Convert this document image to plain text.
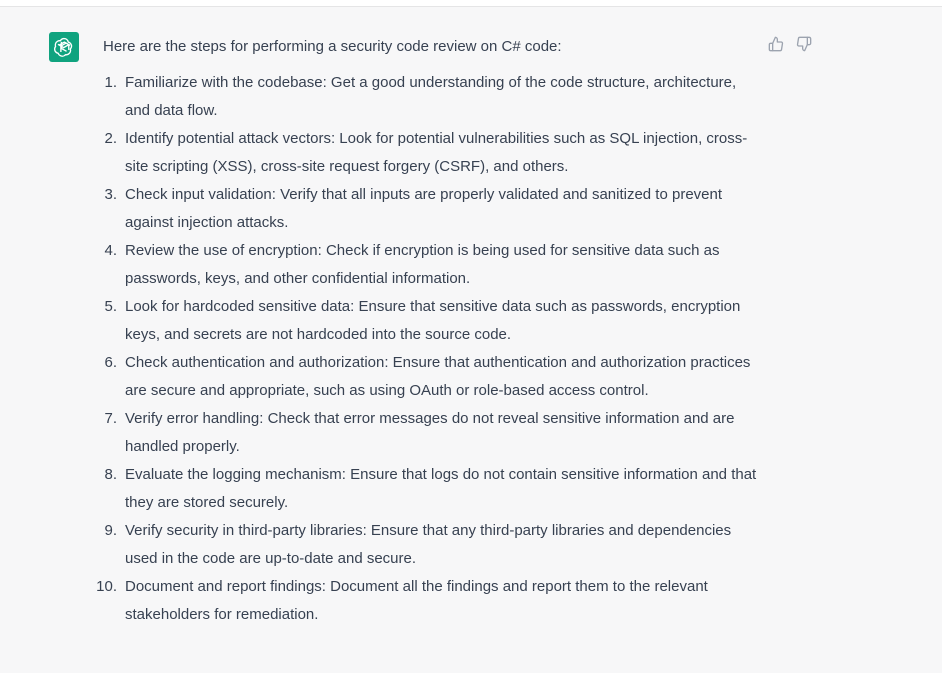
Here are the steps for performing a security code review on C# code:

1. Familiarize with the codebase: Get a good understanding of the code structure, architecture, and data flow.
2. Identify potential attack vectors: Look for potential vulnerabilities such as SQL injection, cross-site scripting (XSS), cross-site request forgery (CSRF), and others.
3. Check input validation: Verify that all inputs are properly validated and sanitized to prevent against injection attacks.
4. Review the use of encryption: Check if encryption is being used for sensitive data such as passwords, keys, and other confidential information.
5. Look for hardcoded sensitive data: Ensure that sensitive data such as passwords, encryption keys, and secrets are not hardcoded into the source code.
6. Check authentication and authorization: Ensure that authentication and authorization practices are secure and appropriate, such as using OAuth or role-based access control.
7. Verify error handling: Check that error messages do not reveal sensitive information and are handled properly.
8. Evaluate the logging mechanism: Ensure that logs do not contain sensitive information and that they are stored securely.
9. Verify security in third-party libraries: Ensure that any third-party libraries and dependencies used in the code are up-to-date and secure.
10. Document and report findings: Document all the findings and report them to the relevant stakeholders for remediation.
